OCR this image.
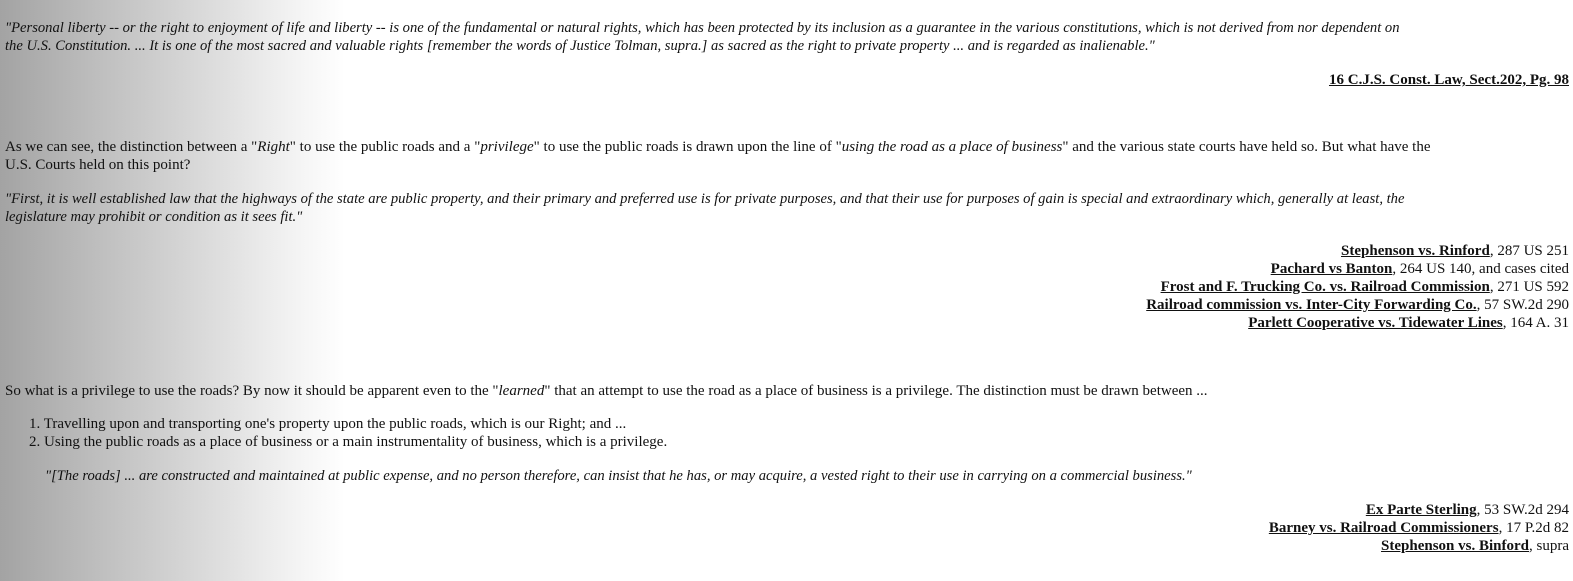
"Personal liberty -- or the right to enjoyment of life and liberty -- is one of the fundamental or natural rights, which has been protected by its inclusion as a guarantee in the various constitutions, which is not derived from nor dependent on
the U.S. Constitution. ... It is one of the most sacred and valuable rights [remember the words of Justice Tolman, supra.] as sacred as the right to private property ... and is regarded as inalienable."
16 C.J.S. Const. Law, Sect.202, Pg. 98
As we can see, the distinction between a "Right" to use the public roads and a "privilege" to use the public roads is drawn upon the line of "using the road as a place of business" and the various state courts have held so. But what have the
U.S. Courts held on this point?
"First, it is well established law that the highways of the state are public property, and their primary and preferred use is for private purposes, and that their use for purposes of gain is special and extraordinary which, generally at least, the
legislature may prohibit or condition as it sees fit."
Stephenson vs. Rinford, 287 US 251
Pachard vs Banton, 264 US 140, and cases cited
Frost and F. Trucking Co. vs. Railroad Commission, 271 US 592
Railroad commission vs. Inter-City Forwarding Co., 57 SW.2d 290
Parlett Cooperative vs. Tidewater Lines, 164 A. 31
So what is a privilege to use the roads? By now it should be apparent even to the "learned" that an attempt to use the road as a place of business is a privilege. The distinction must be drawn between ...
1. Travelling upon and transporting one's property upon the public roads, which is our Right; and ...
2. Using the public roads as a place of business or a main instrumentality of business, which is a privilege.
"[The roads] ... are constructed and maintained at public expense, and no person therefore, can insist that he has, or may acquire, a vested right to their use in carrying on a commercial business."
Ex Parte Sterling, 53 SW.2d 294
Barney vs. Railroad Commissioners, 17 P.2d 82
Stephenson vs. Binford, supra
